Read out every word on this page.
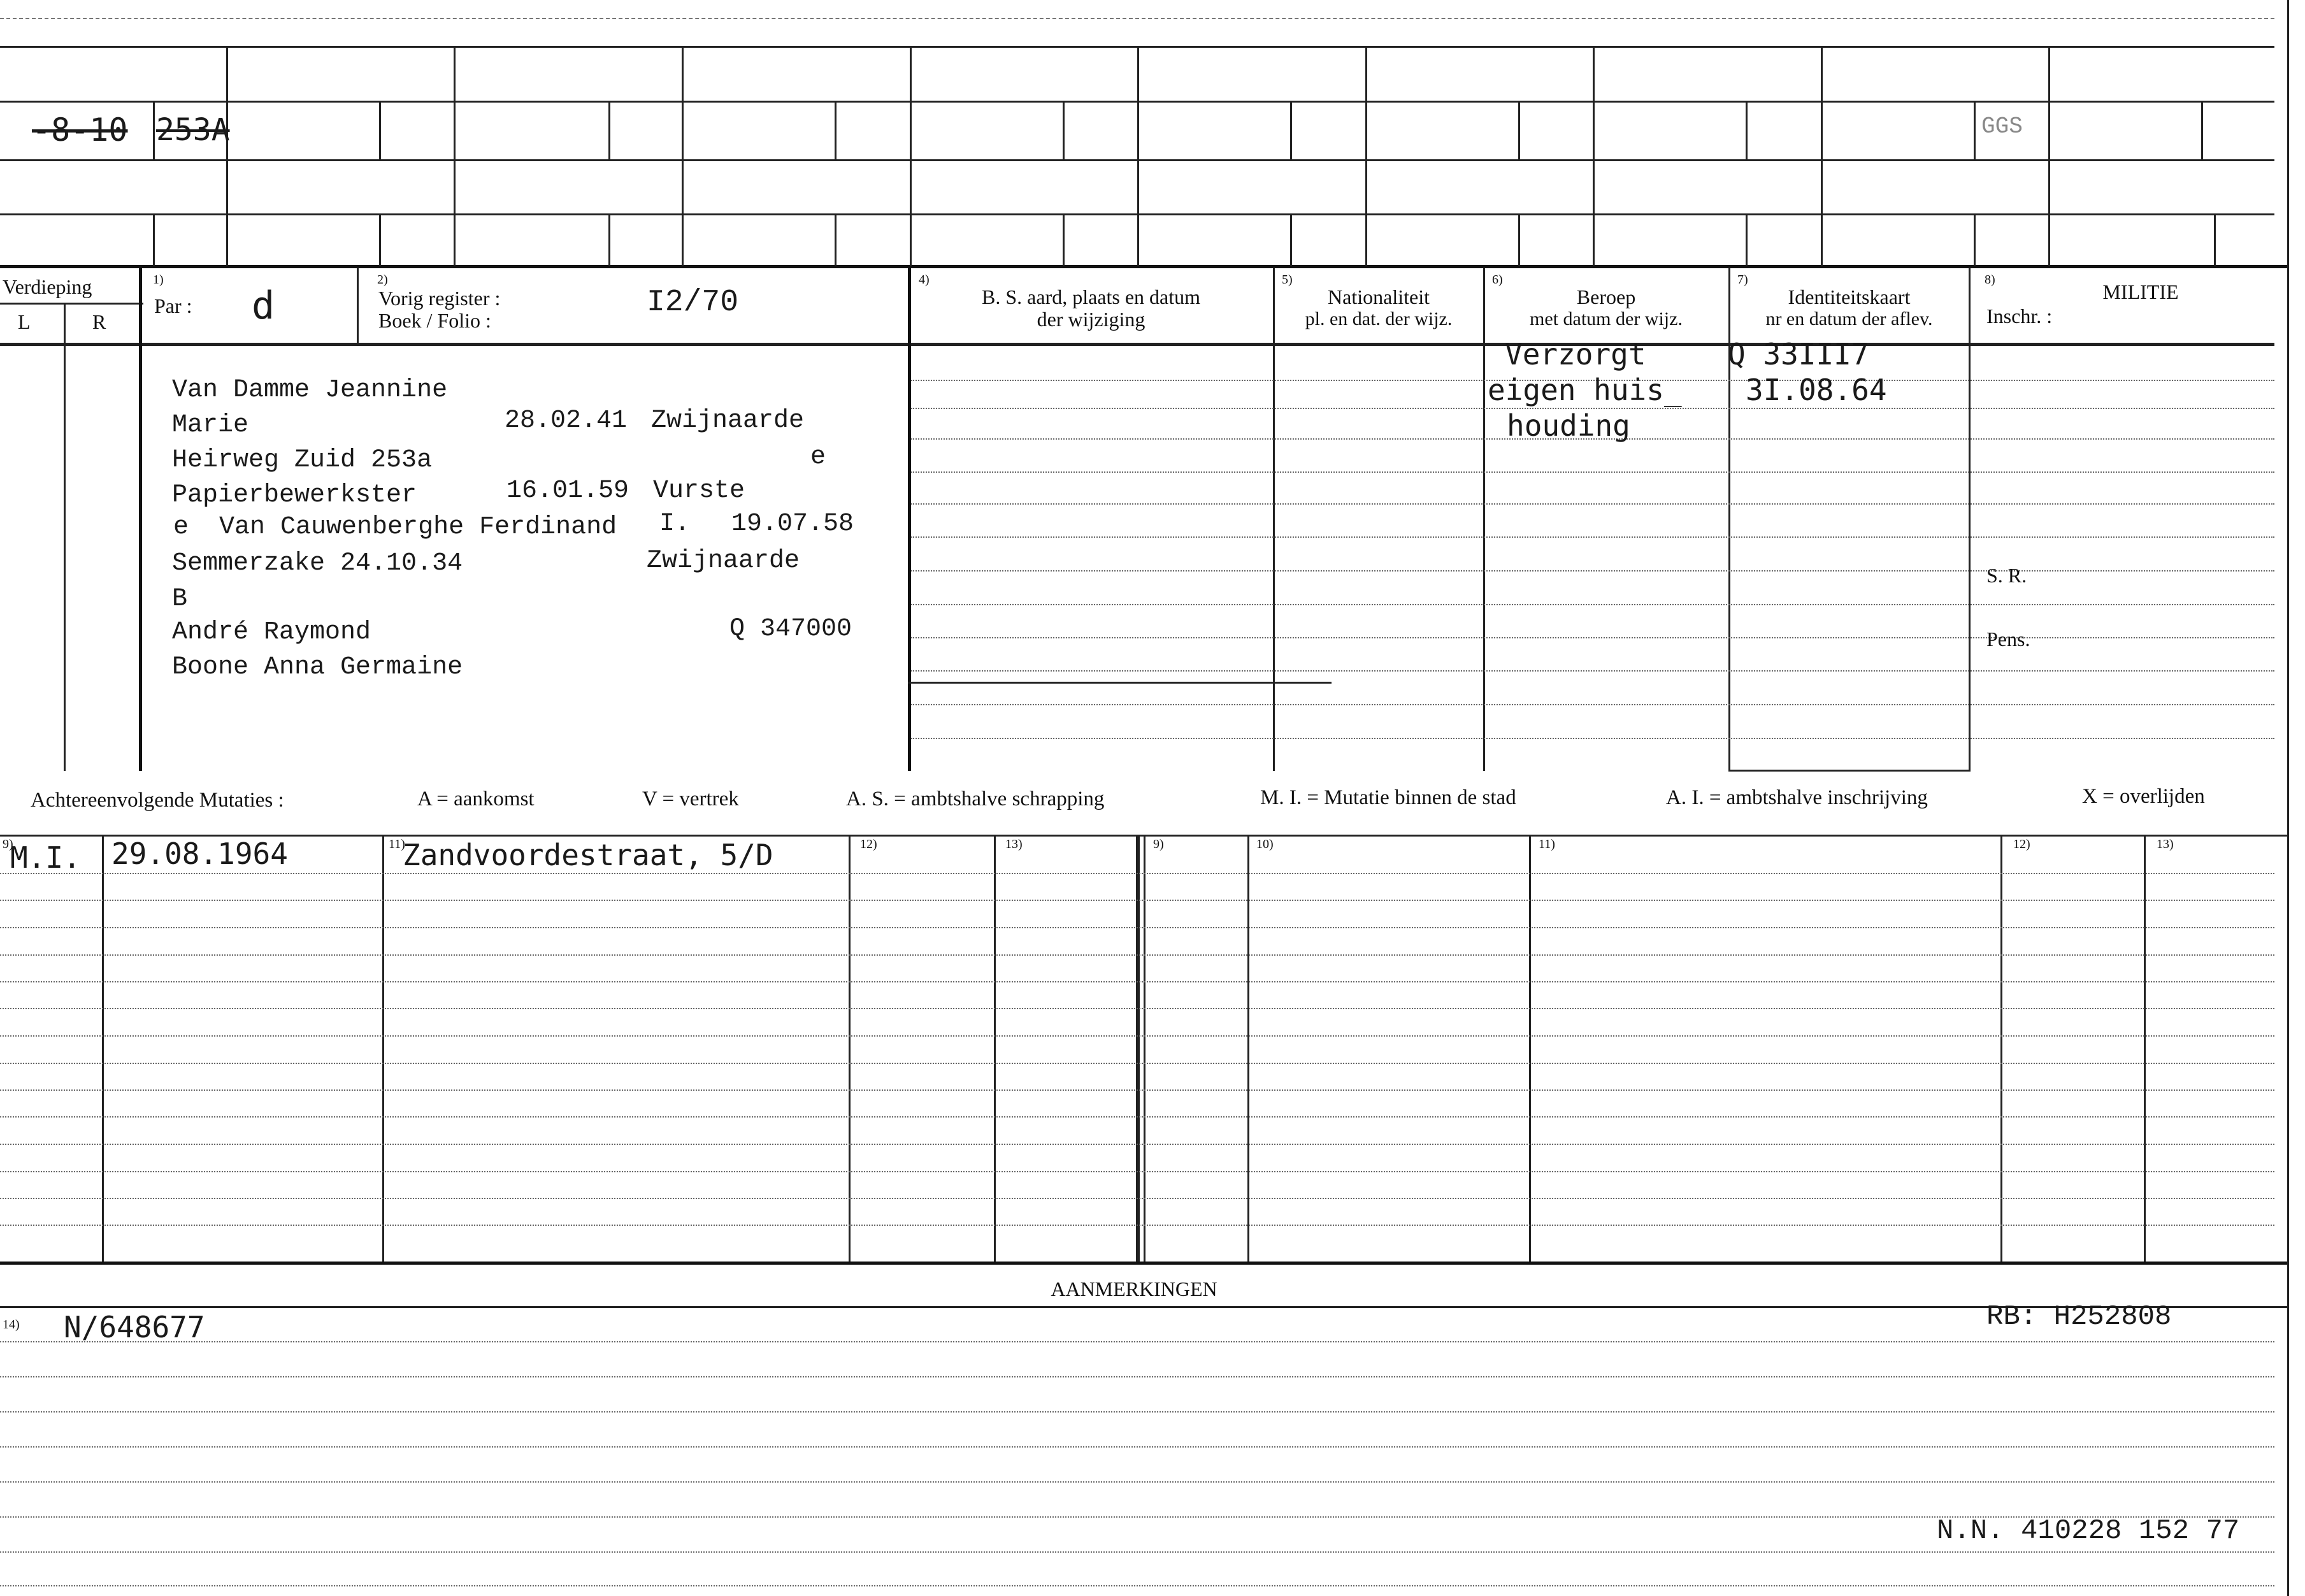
-8-10 253A	GGS
Verdieping
L	R
1)
Par : d
2)
Vorig register :
Boek / Folio :
I2/70
4)
B. S. aard, plaats en datum
der wijziging
5)
Nationaliteit
pl. en dat. der wijz.
6)
Beroep
met datum der wijz.
7)
Identiteitskaart
nr en datum der aflev.
8)
MILITIE
Inschr. :
Van Damme Jeannine
Marie	28.02.41 Zwijnaarde
Heirweg Zuid 253a	e
Papierbewerkster	16.01.59 Vurste
e  Van Cauwenberghe Ferdinand I. 19.07.58
Semmerzake 24.10.34	Zwijnaarde
B
André Raymond	Q 347000
Boone Anna Germaine
Verzorgt
eigen huis_
houding
Q 33III7
3I.08.64
S. R.
Pens.
Achtereenvolgende Mutaties :	A = aankomst	V = vertrek	A. S. = ambtshalve schrapping	M. I. = Mutatie binnen de stad	A. I. = ambtshalve inschrijving	X = overlijden
9)	11)	12)	13)	9)	10)	11)	12)	13)
M.I. 29.08.1964	Zandvoordestraat, 5/D
AANMERKINGEN
14) N/648677	RB: H252808
N.N. 410228 152 77
